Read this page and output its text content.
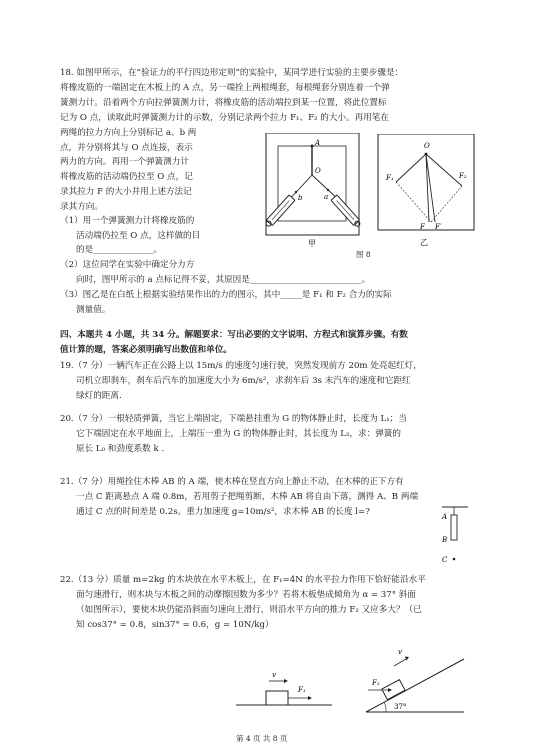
18. 如图甲所示，在“验证力的平行四边形定则”的实验中，某同学进行实验的主要步骤是：
将橡皮筋的一端固定在木板上的 A 点，另一端拴上两根绳套，每根绳套分别连着一个弹
簧测力计。沿着两个方向拉弹簧测力计，将橡皮筋的活动端拉到某一位置，将此位置标
记为 O 点，读取此时弹簧测力计的示数，分别记录两个拉力 F₁、F₂ 的大小。再用笔在
两绳的拉力方向上分别标记 a、b 两
点，并分别将其与 O 点连接，表示
两力的方向。再用一个弹簧测力计
将橡皮筋的活动端仍拉至 O 点，记
录其拉力 F 的大小并用上述方法记
录其方向。
（1）用一个弹簧测力计将橡皮筋的
活动端仍拉至 O 点，这样做的目
的是______________。
（2）这位同学在实验中确定分力方
向时，图甲所示的 a 点标记得不妥，其原因是__________________________。
（3）图乙是在白纸上根据实验结果作出的力的图示，其中_____是 F₁ 和 F₂ 合力的实际
测量值。
A
O
b	a
甲
O
F₁	F₂
F F′
乙
图 8
四、本题共 4 小题，共 34 分。解题要求：写出必要的文字说明、方程式和演算步骤。有数
值计算的题，答案必须明确写出数值和单位。
19.（7 分）一辆汽车正在公路上以 15m/s 的速度匀速行驶，突然发现前方 20m 处亮起红灯，
司机立即刹车，刹车后汽车的加速度大小为 6m/s²，求刹车后 3s 末汽车的速度和它距红
绿灯的距离.
20.（7 分）一根轻质弹簧，当它上端固定，下端悬挂重为 G 的物体静止时，长度为 L₁；当
它下端固定在水平地面上，上端压一重为 G 的物体静止时，其长度为 L₂，求：弹簧的
原长 L₀ 和劲度系数 k .
21.（7 分）用绳拴住木棒 AB 的 A 端，使木棒在竖直方向上静止不动，在木棒的正下方有
一点 C 距离悬点 A 端 0.8m，若用剪子把绳剪断，木棒 AB 将自由下落，测得 A、B 两端
通过 C 点的时间差是 0.2s。重力加速度 g=10m/s²，求木棒 AB 的长度 l=?	A
B
C
22.（13 分）质量 m=2kg 的木块放在水平木板上，在 F₁=4N 的水平拉力作用下恰好能沿水平
面匀速滑行，则木块与木板之间的动摩擦因数为多少？若将木板垫成倾角为 α = 37° 斜面
（如图所示），要使木块仍能沿斜面匀速向上滑行，则沿水平方向的推力 F₂ 又应多大？（已
知 cos37° = 0.8，sin37° = 0.6，g = 10N/kg）
v
F₁
v
F₂
37°
第 4 页 共 8 页
